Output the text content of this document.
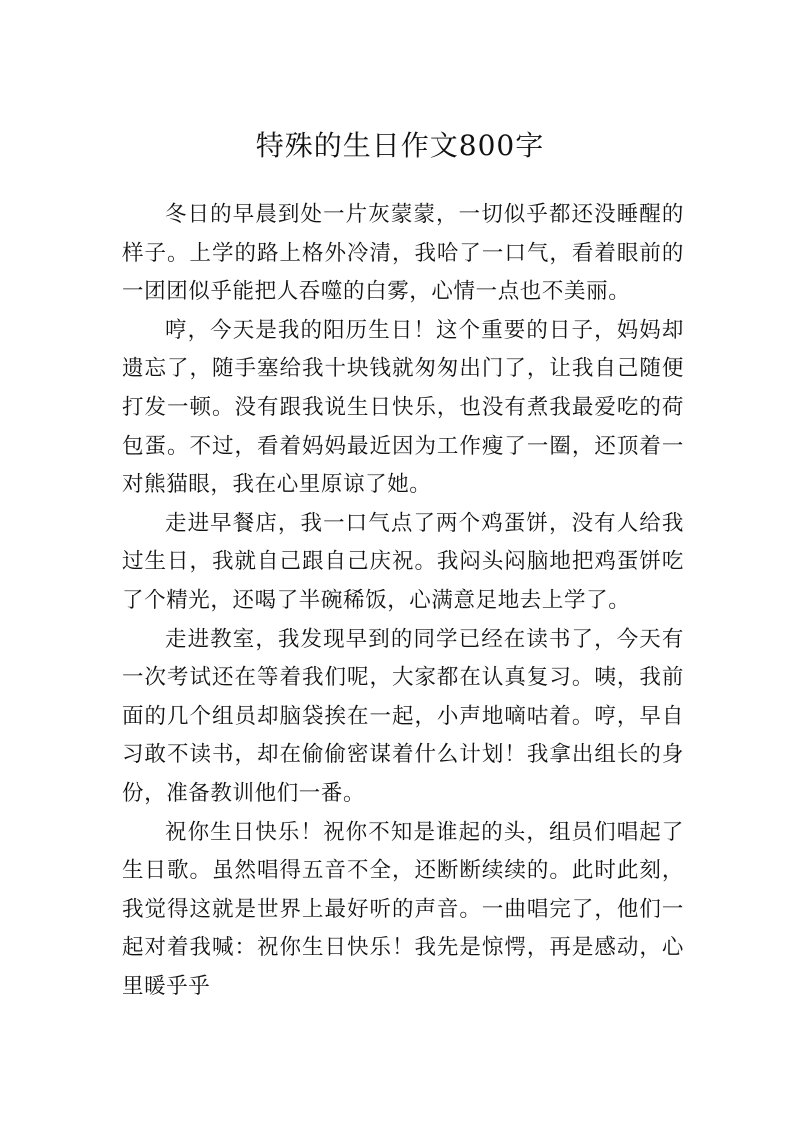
特殊的生日作文800字

冬日的早晨到处一片灰蒙蒙，一切似乎都还没睡醒的样子。上学的路上格外冷清，我哈了一口气，看着眼前的一团团似乎能把人吞噬的白雾，心情一点也不美丽。

哼，今天是我的阳历生日！这个重要的日子，妈妈却遗忘了，随手塞给我十块钱就匆匆出门了，让我自己随便打发一顿。没有跟我说生日快乐，也没有煮我最爱吃的荷包蛋。不过，看着妈妈最近因为工作瘦了一圈，还顶着一对熊猫眼，我在心里原谅了她。

走进早餐店，我一口气点了两个鸡蛋饼，没有人给我过生日，我就自己跟自己庆祝。我闷头闷脑地把鸡蛋饼吃了个精光，还喝了半碗稀饭，心满意足地去上学了。

走进教室，我发现早到的同学已经在读书了，今天有一次考试还在等着我们呢，大家都在认真复习。咦，我前面的几个组员却脑袋挨在一起，小声地嘀咕着。哼，早自习敢不读书，却在偷偷密谋着什么计划！我拿出组长的身份，准备教训他们一番。

祝你生日快乐！祝你不知是谁起的头，组员们唱起了生日歌。虽然唱得五音不全，还断断续续的。此时此刻，我觉得这就是世界上最好听的声音。一曲唱完了，他们一起对着我喊：祝你生日快乐！我先是惊愕，再是感动，心里暖乎乎
